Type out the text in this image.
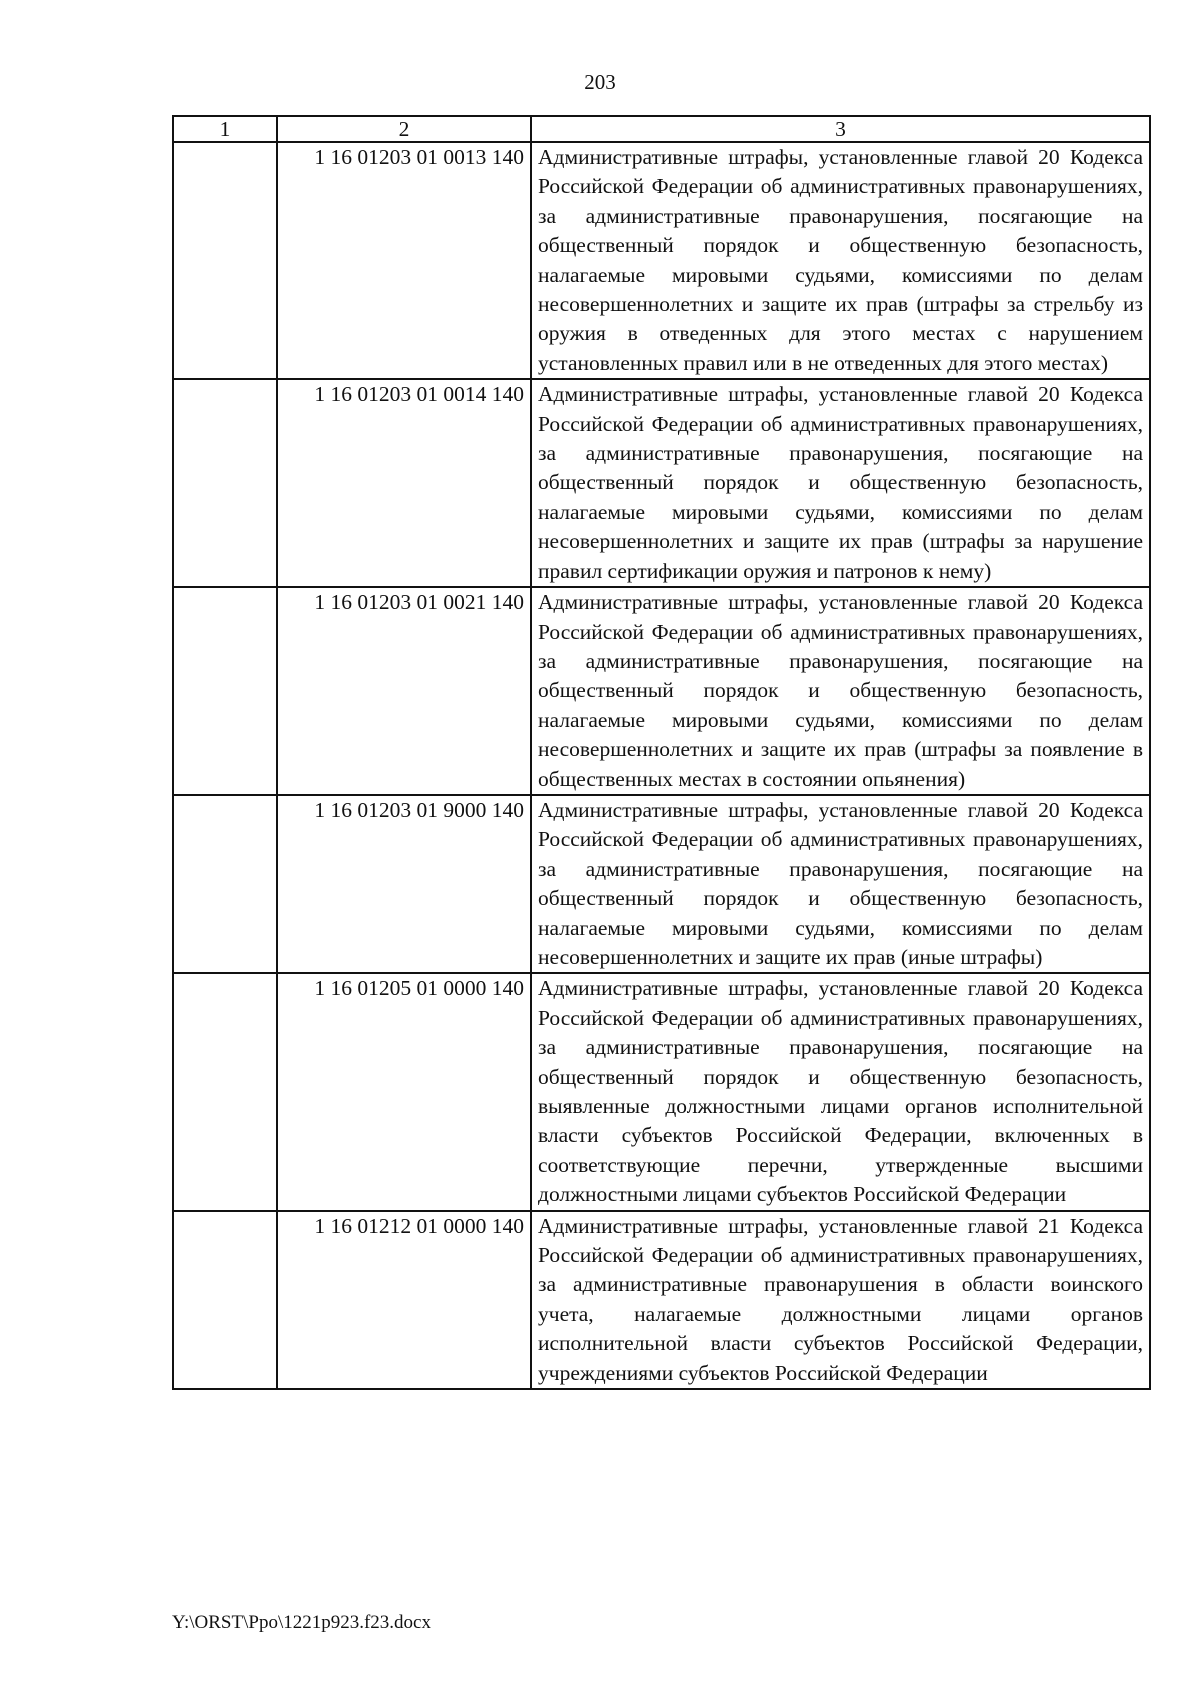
203
1	2	3
	1 16 01203 01 0013 140	Административные штрафы, установленные главой 20 Кодекса Российской Федерации об административных правонарушениях, за административные правонарушения, посягающие на общественный порядок и общественную безопасность, налагаемые мировыми судьями, комиссиями по делам несовершеннолетних и защите их прав (штрафы за стрельбу из оружия в отведенных для этого местах с нарушением установленных правил или в не отведенных для этого местах)
	1 16 01203 01 0014 140	Административные штрафы, установленные главой 20 Кодекса Российской Федерации об административных правонарушениях, за административные правонарушения, посягающие на общественный порядок и общественную безопасность, налагаемые мировыми судьями, комиссиями по делам несовершеннолетних и защите их прав (штрафы за нарушение правил сертификации оружия и патронов к нему)
	1 16 01203 01 0021 140	Административные штрафы, установленные главой 20 Кодекса Российской Федерации об административных правонарушениях, за административные правонарушения, посягающие на общественный порядок и общественную безопасность, налагаемые мировыми судьями, комиссиями по делам несовершеннолетних и защите их прав (штрафы за появление в общественных местах в состоянии опьянения)
	1 16 01203 01 9000 140	Административные штрафы, установленные главой 20 Кодекса Российской Федерации об административных правонарушениях, за административные правонарушения, посягающие на общественный порядок и общественную безопасность, налагаемые мировыми судьями, комиссиями по делам несовершеннолетних и защите их прав (иные штрафы)
	1 16 01205 01 0000 140	Административные штрафы, установленные главой 20 Кодекса Российской Федерации об административных правонарушениях, за административные правонарушения, посягающие на общественный порядок и общественную безопасность, выявленные должностными лицами органов исполнительной власти субъектов Российской Федерации, включенных в соответствующие перечни, утвержденные высшими должностными лицами субъектов Российской Федерации
	1 16 01212 01 0000 140	Административные штрафы, установленные главой 21 Кодекса Российской Федерации об административных правонарушениях, за административные правонарушения в области воинского учета, налагаемые должностными лицами органов исполнительной власти субъектов Российской Федерации, учреждениями субъектов Российской Федерации
Y:\ORST\Ppo\1221p923.f23.docx
